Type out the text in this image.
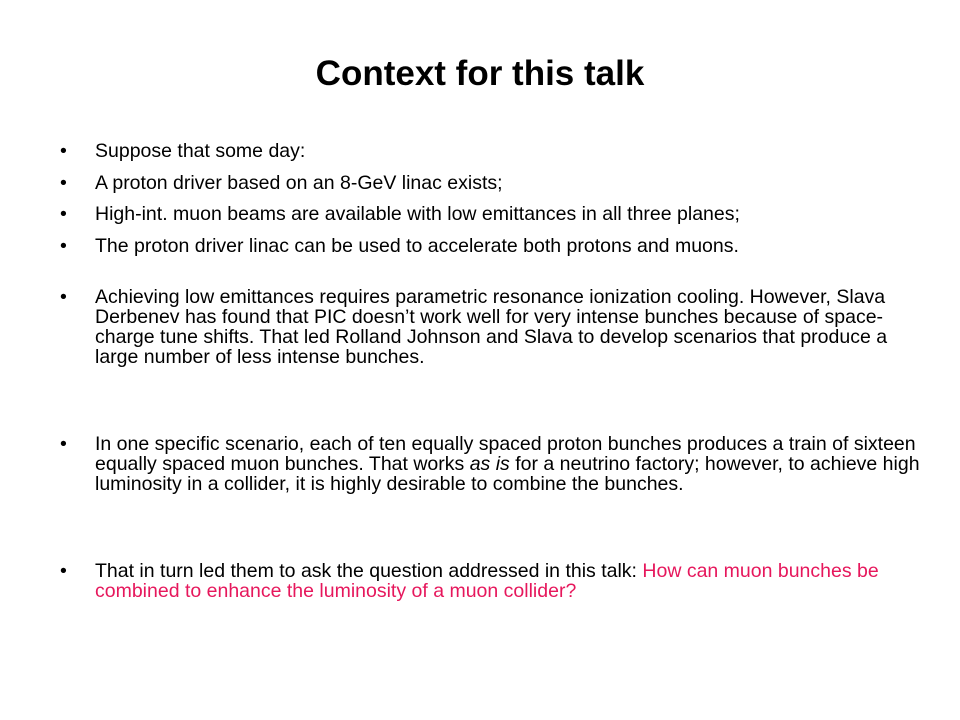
Context for this talk
• Suppose that some day:
• A proton driver based on an 8-GeV linac exists;
• High-int. muon beams are available with low emittances in all three planes;
• The proton driver linac can be used to accelerate both protons and muons.
• Achieving low emittances requires parametric resonance ionization cooling. However, Slava Derbenev has found that PIC doesn’t work well for very intense bunches because of space-charge tune shifts. That led Rolland Johnson and Slava to develop scenarios that produce a large number of less intense bunches.
• In one specific scenario, each of ten equally spaced proton bunches produces a train of sixteen equally spaced muon bunches. That works as is for a neutrino factory; however, to achieve high luminosity in a collider, it is highly desirable to combine the bunches.
• That in turn led them to ask the question addressed in this talk: How can muon bunches be combined to enhance the luminosity of a muon collider?
